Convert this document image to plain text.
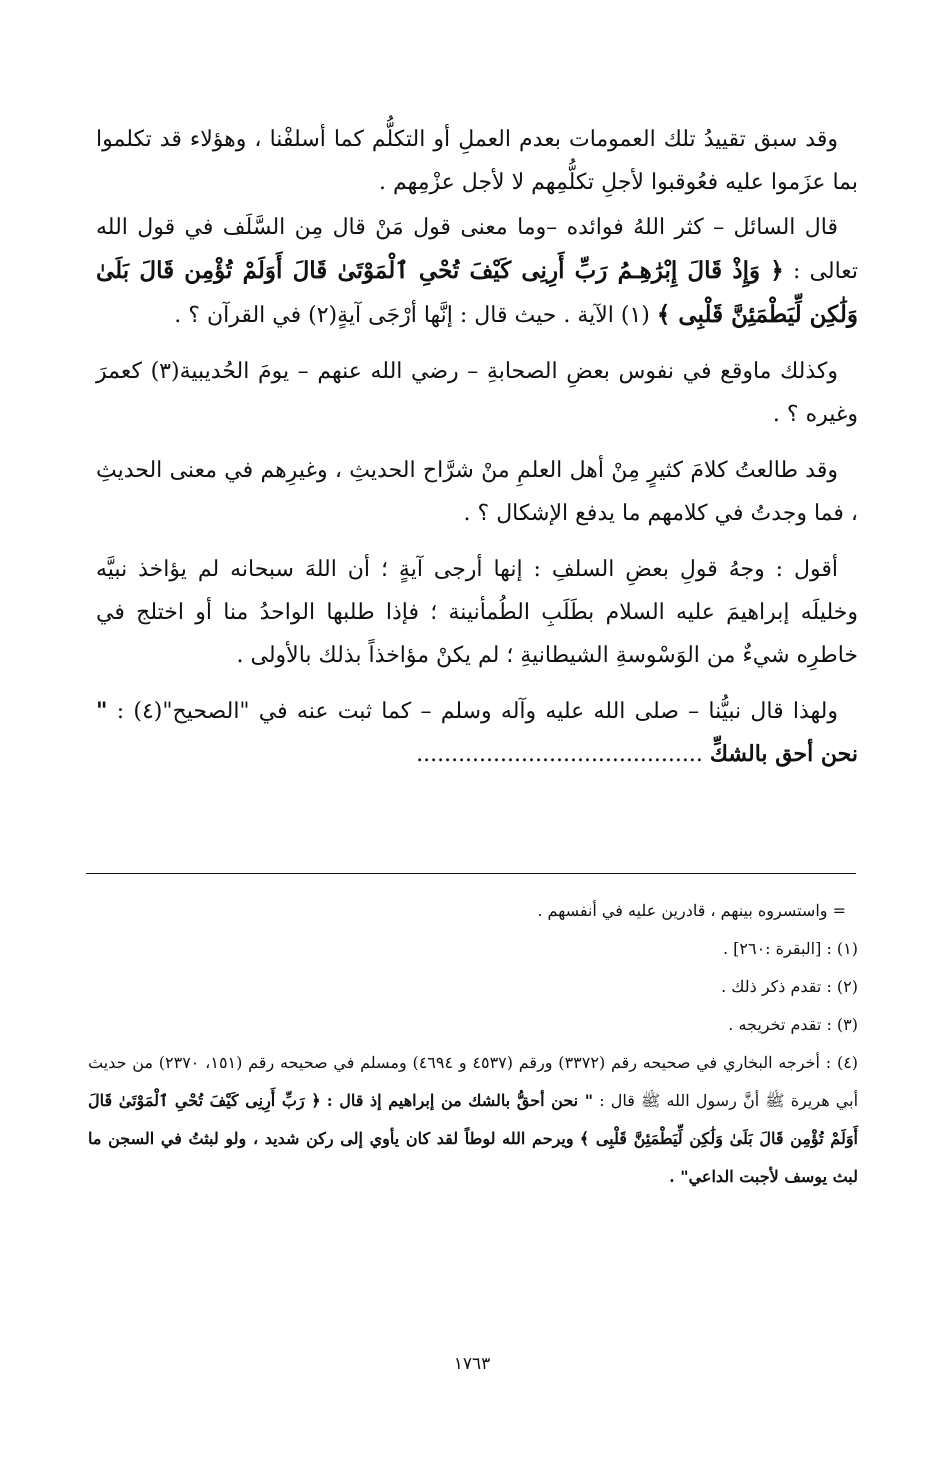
وقد سبق تقييدُ تلك العمومات بعدم العملِ أو التكلُّم كما أسلفْنا ، وهؤلاء قد تكلموا بما عزَموا عليه فعُوقبوا لأجلِ تكلُّمِهم لا لأجل عزْمِهم .

قال السائل – كثر اللهُ فوائده –وما معنى قول مَنْ قال مِن السَّلَف في قول الله تعالى : ﴿ وَإِذْ قَالَ إِبْرَٰهِـمُ رَبِّ أَرِنِى كَيْفَ تُحْىِ ٱلْمَوْتَىٰ قَالَ أَوَلَمْ تُؤْمِن قَالَ بَلَىٰ وَلَٰكِن لِّيَطْمَئِنَّ قَلْبِى ﴾ (١) الآية . حيث قال : إنَّها أرْجَى آيةٍ(٢) في القرآن ؟ .

وكذلك ماوقع في نفوس بعضِ الصحابةِ – رضي الله عنهم – يومَ الحُديبية(٣) كعمرَ وغيره ؟ .

وقد طالعتُ كلامَ كثيرٍ مِنْ أهل العلمِ منْ شرَّاح الحديثِ ، وغيرِهم في معنى الحديثِ ، فما وجدتُ في كلامهم ما يدفع الإشكال ؟ .

أقول : وجهُ قولِ بعضِ السلفِ : إنها أرجى آيةٍ ؛ أن اللهَ سبحانه لم يؤاخذ نبيَّه وخليلَه إبراهيمَ عليه السلام بطَلَبِ الطُمأنينة ؛ فإذا طلبها الواحدُ منا أو اختلج في خاطرِه شيءٌ من الوَسْوسةِ الشيطانيةِ ؛ لم يكنْ مؤاخذاً بذلك بالأولى .

ولهذا قال نبيُّنا – صلى الله عليه وآله وسلم – كما ثبت عنه في "الصحيح"(٤) : " نحن أحق بالشكِّ .........................................

= واستسروه بينهم ، قادرين عليه في أنفسهم .

(١) : [البقرة :٢٦٠] .

(٢) : تقدم ذكر ذلك .

(٣) : تقدم تخريجه .

(٤) : أخرجه البخاري في صحيحه رقم (٣٣٧٢) ورقم (٤٥٣٧ و ٤٦٩٤) ومسلم في صحيحه رقم (١٥١، ٢٣٧٠) من حديث أبي هريرة ﷺ أنَّ رسول الله ﷺ قال : " نحن أحقُّ بالشك من إبراهيم إذ قال : ﴿ رَبِّ أَرِنِى كَيْفَ تُحْىِ ٱلْمَوْتَىٰ قَالَ أَوَلَمْ تُؤْمِن قَالَ بَلَىٰ وَلَٰكِن لِّيَطْمَئِنَّ قَلْبِى ﴾ ويرحم الله لوطاً لقد كان يأوي إلى ركن شديد ، ولو لبثتُ في السجن ما لبث يوسف لأجبت الداعي" .

١٧٦٣
